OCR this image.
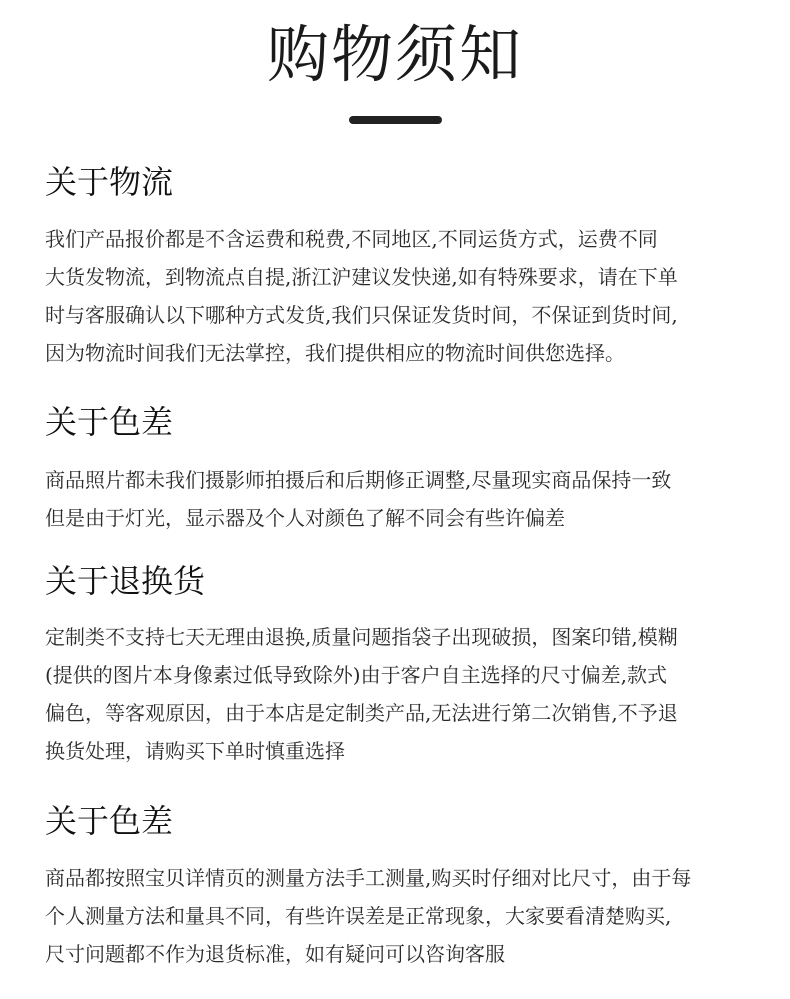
购物须知
关于物流

我们产品报价都是不含运费和税费,不同地区,不同运货方式，运费不同
大货发物流，到物流点自提,浙江沪建议发快递,如有特殊要求，请在下单
时与客服确认以下哪种方式发货,我们只保证发货时间，不保证到货时间,
因为物流时间我们无法掌控，我们提供相应的物流时间供您选择。

关于色差

商品照片都未我们摄影师拍摄后和后期修正调整,尽量现实商品保持一致
但是由于灯光，显示器及个人对颜色了解不同会有些许偏差

关于退换货

定制类不支持七天无理由退换,质量问题指袋子出现破损，图案印错,模糊
(提供的图片本身像素过低导致除外)由于客户自主选择的尺寸偏差,款式
偏色，等客观原因，由于本店是定制类产品,无法进行第二次销售,不予退
换货处理，请购买下单时慎重选择

关于色差

商品都按照宝贝详情页的测量方法手工测量,购买时仔细对比尺寸，由于每
个人测量方法和量具不同，有些许误差是正常现象，大家要看清楚购买,
尺寸问题都不作为退货标准，如有疑问可以咨询客服
